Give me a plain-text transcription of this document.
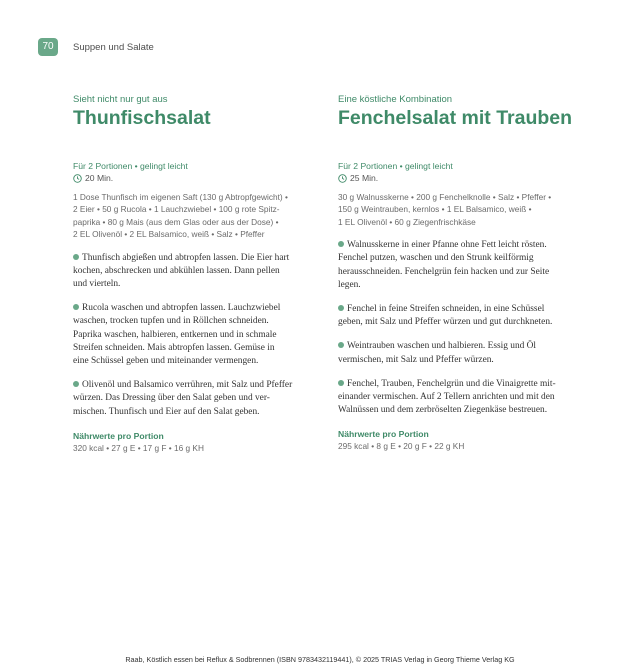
70	Suppen und Salate

Sieht nicht nur gut aus

Thunfischsalat
Für 2 Portionen • gelingt leicht
20 Min.
1 Dose Thunfisch im eigenen Saft (130 g Abtropfgewicht) •
2 Eier • 50 g Rucola • 1 Lauchzwiebel • 100 g rote Spitz-
paprika • 80 g Mais (aus dem Glas oder aus der Dose) •
2 EL Olivenöl • 2 EL Balsamico, weiß • Salz • Pfeffer
Thunfisch abgießen und abtropfen lassen. Die Eier hart
kochen, abschrecken und abkühlen lassen. Dann pellen
und vierteln.
Rucola waschen und abtropfen lassen. Lauchzwiebel
waschen, trocken tupfen und in Röllchen schneiden.
Paprika waschen, halbieren, entkernen und in schmale
Streifen schneiden. Mais abtropfen lassen. Gemüse in
eine Schüssel geben und miteinander vermengen.
Olivenöl und Balsamico verrühren, mit Salz und Pfeffer
würzen. Das Dressing über den Salat geben und ver-
mischen. Thunfisch und Eier auf den Salat geben.
Nährwerte pro Portion
320 kcal • 27 g E • 17 g F • 16 g KH

Eine köstliche Kombination

Fenchelsalat mit Trauben
Für 2 Portionen • gelingt leicht
25 Min.
30 g Walnusskerne • 200 g Fenchelknolle • Salz • Pfeffer •
150 g Weintrauben, kernlos • 1 EL Balsamico, weiß •
1 EL Olivenöl • 60 g Ziegenfrischkäse
Walnusskerne in einer Pfanne ohne Fett leicht rösten.
Fenchel putzen, waschen und den Strunk keilförmig
herausschneiden. Fenchelgrün fein hacken und zur Seite
legen.
Fenchel in feine Streifen schneiden, in eine Schüssel
geben, mit Salz und Pfeffer würzen und gut durchkneten.
Weintrauben waschen und halbieren. Essig und Öl
vermischen, mit Salz und Pfeffer würzen.
Fenchel, Trauben, Fenchelgrün und die Vinaigrette mit-
einander vermischen. Auf 2 Tellern anrichten und mit den
Walnüssen und dem zerbröselten Ziegenkäse bestreuen.
Nährwerte pro Portion
295 kcal • 8 g E • 20 g F • 22 g KH
Raab, Köstlich essen bei Reflux & Sodbrennen (ISBN 9783432119441), © 2025 TRIAS Verlag in Georg Thieme Verlag KG
